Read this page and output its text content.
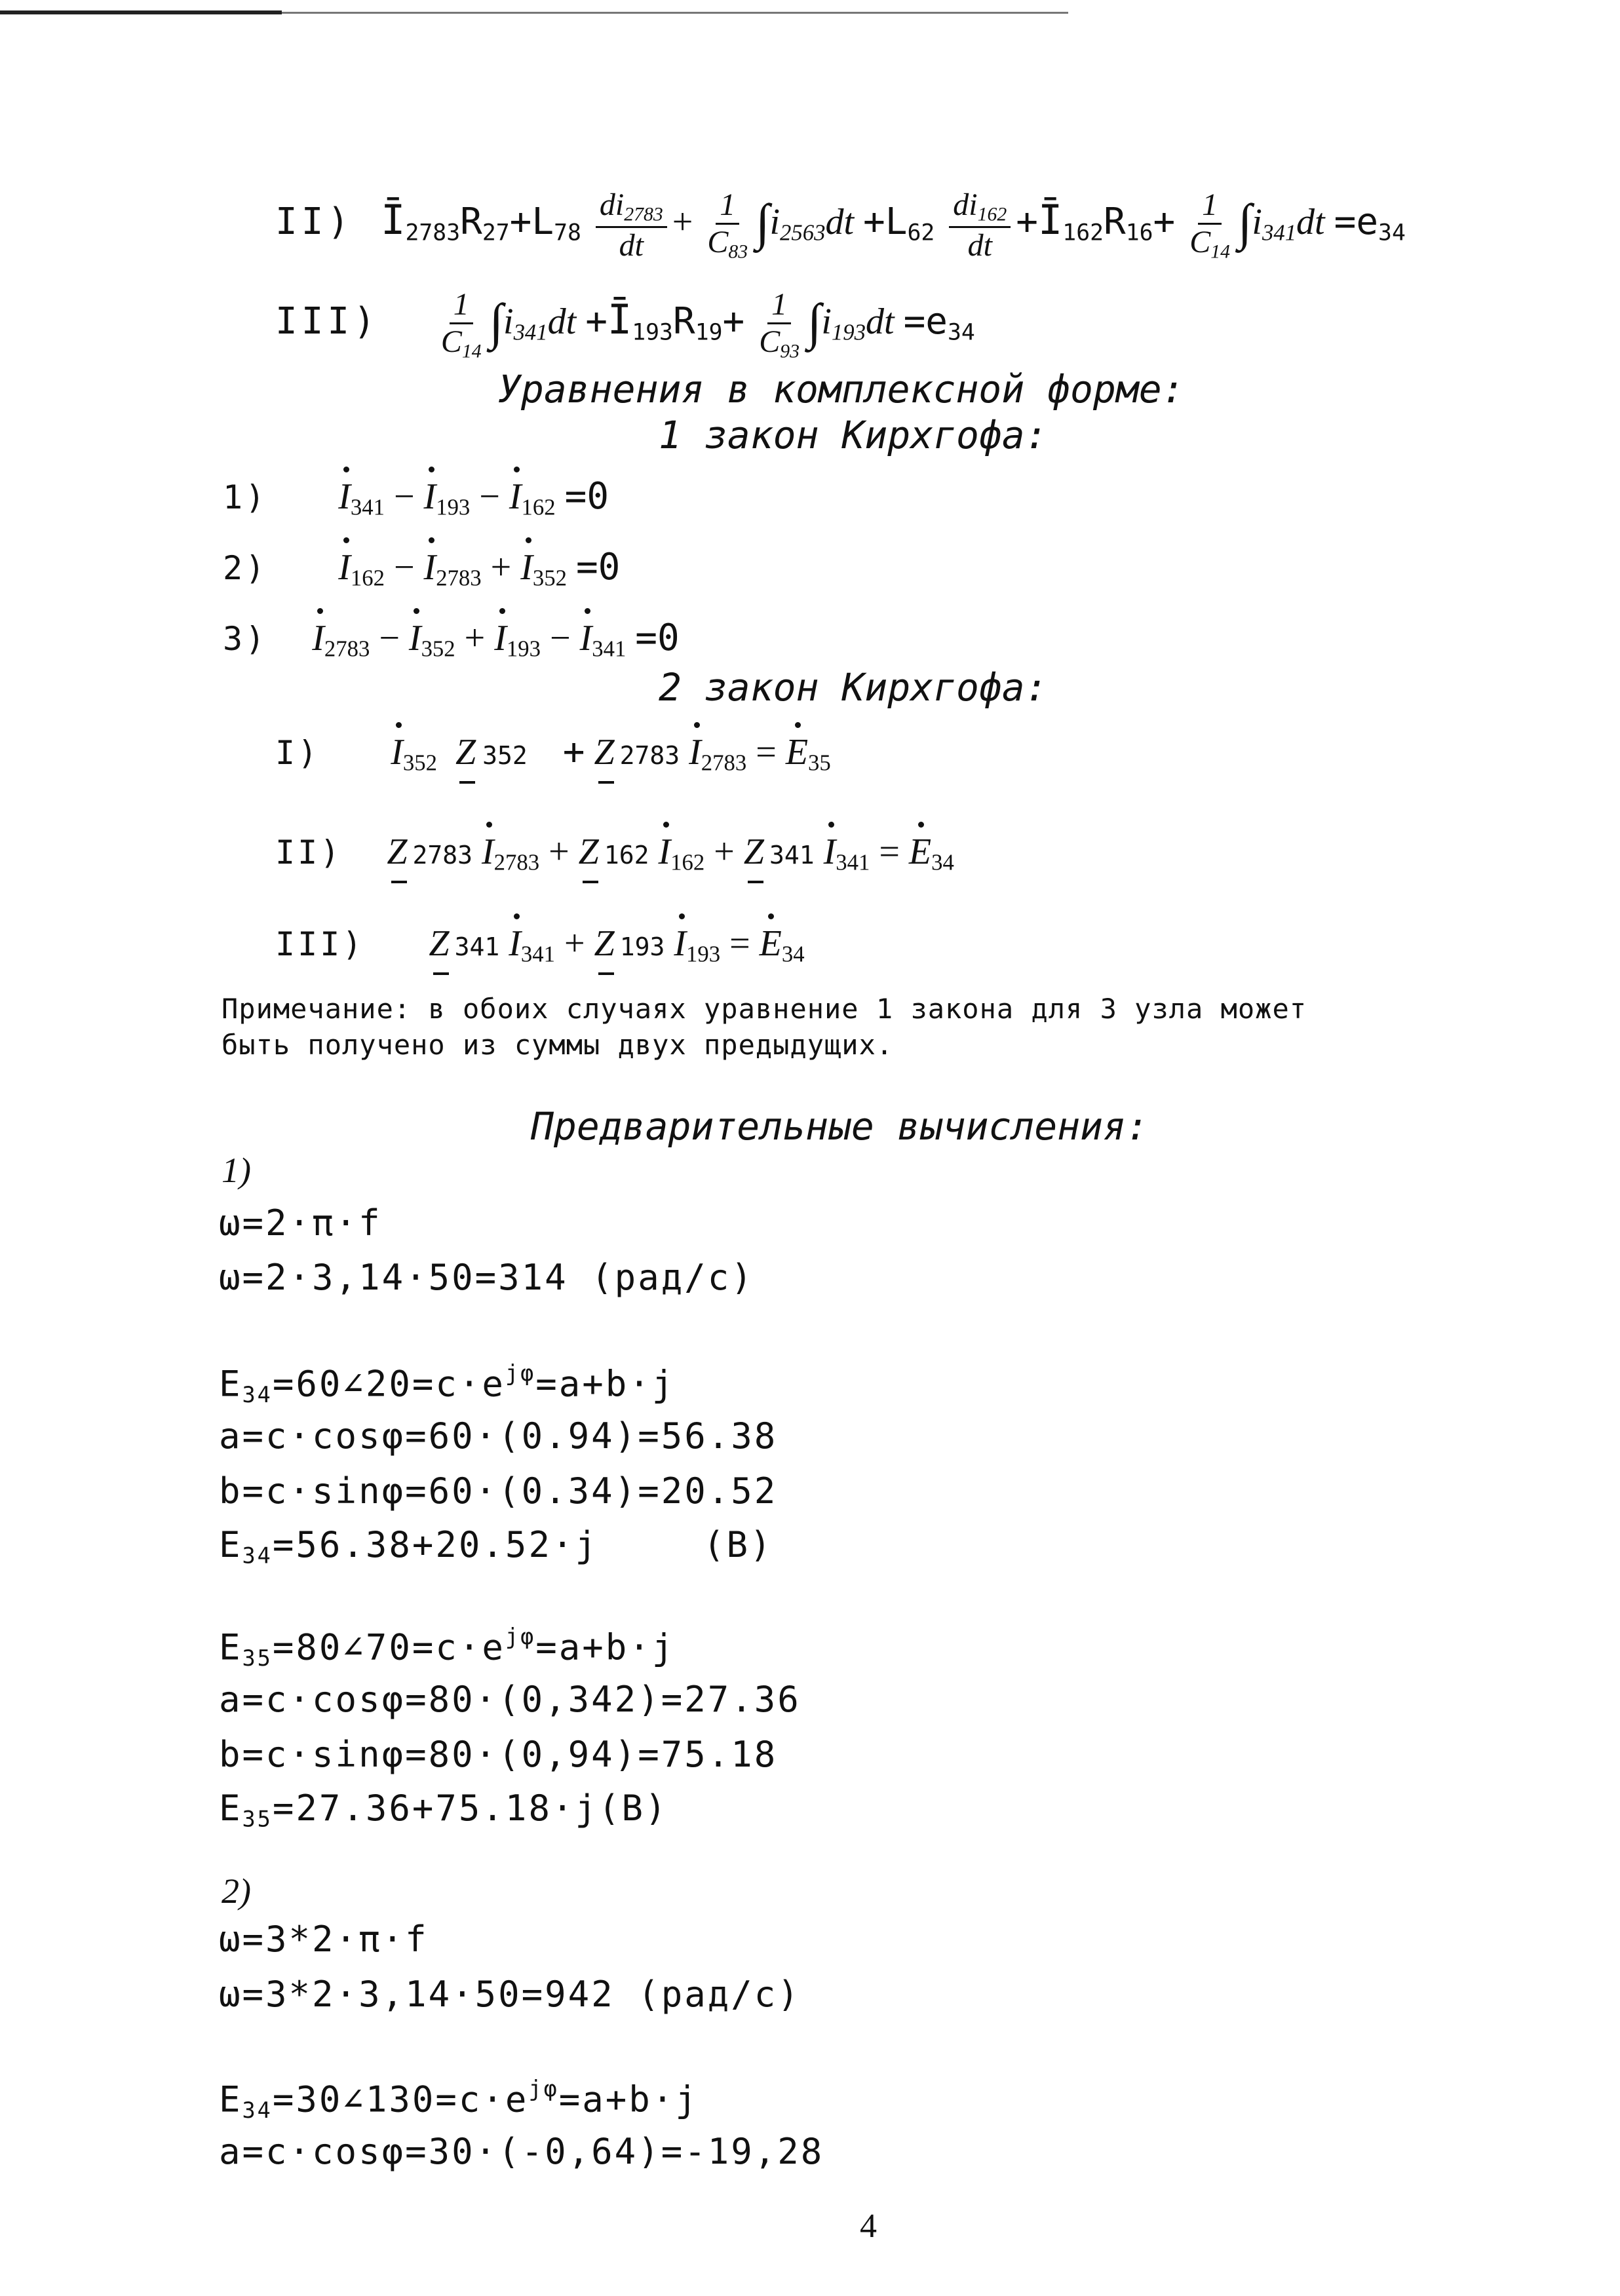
II) $Ī_{2783}R_{27}+L_{78} \frac{di_{2783}}{dt} + \frac{1}{C_{83}} \int i_{2563}dt +L_{62} \frac{di_{162}}{dt}$ $+Ī_{162}R_{16}+ \frac{1}{C_{14}} \int i_{341}dt =e_{34}$
$III) \frac{1}{C_{14}} \int i_{341}dt$ $+Ī_{193}R_{19}+ \frac{1}{C_{93}} \int i_{193}dt =e_{34}$
Уравнения в комплексной форме:
1 закон Кирхгофа:
1) $I_{341} - I_{193} - I_{162} =0$
2) $I_{162} - I_{2783} + I_{352} =0$
3) $I_{2783} - I_{352} + I_{193} - I_{341} =0$
2 закон Кирхгофа:
I) $I_{352}$ Z 352 + Z 2783 $I_{2783} = E_{35}$
II) Z 2783 $I_{2783} + Z$ 162 $I_{162} + Z$ 341 $I_{341} = E_{34}$
III) Z 341 $I_{341} + Z$ 193 $I_{193} = E_{34}$
Примечание: в обоих случаях уравнение 1 закона для 3 узла может
быть получено из суммы двух предыдущих.
Предварительные вычисления:
1)
ω=2·π·f
ω=2·3,14·50=314 (рад/с)
$E_{34}=60\angle 20=c\cdot e^{j\varphi}=a+b\cdot j$
a=c·cosφ=60·(0.94)=56.38
b=c·sinφ=60·(0.34)=20.52
$E_{34}=56.38+20.52\cdot j$	(B)
$E_{35}=80\angle 70=c\cdot e^{j\varphi}=a+b\cdot j$
a=c·cosφ=80·(0,342)=27.36
b=c·sinφ=80·(0,94)=75.18
$E_{35}=27.36+75.18\cdot j(B)$
2)
ω=3*2·π·f
ω=3*2·3,14·50=942 (рад/с)
$E_{34}=30\angle 130=c\cdot e^{j\varphi}=a+b\cdot j$
a=c·cosφ=30·(-0,64)=-19,28
4
